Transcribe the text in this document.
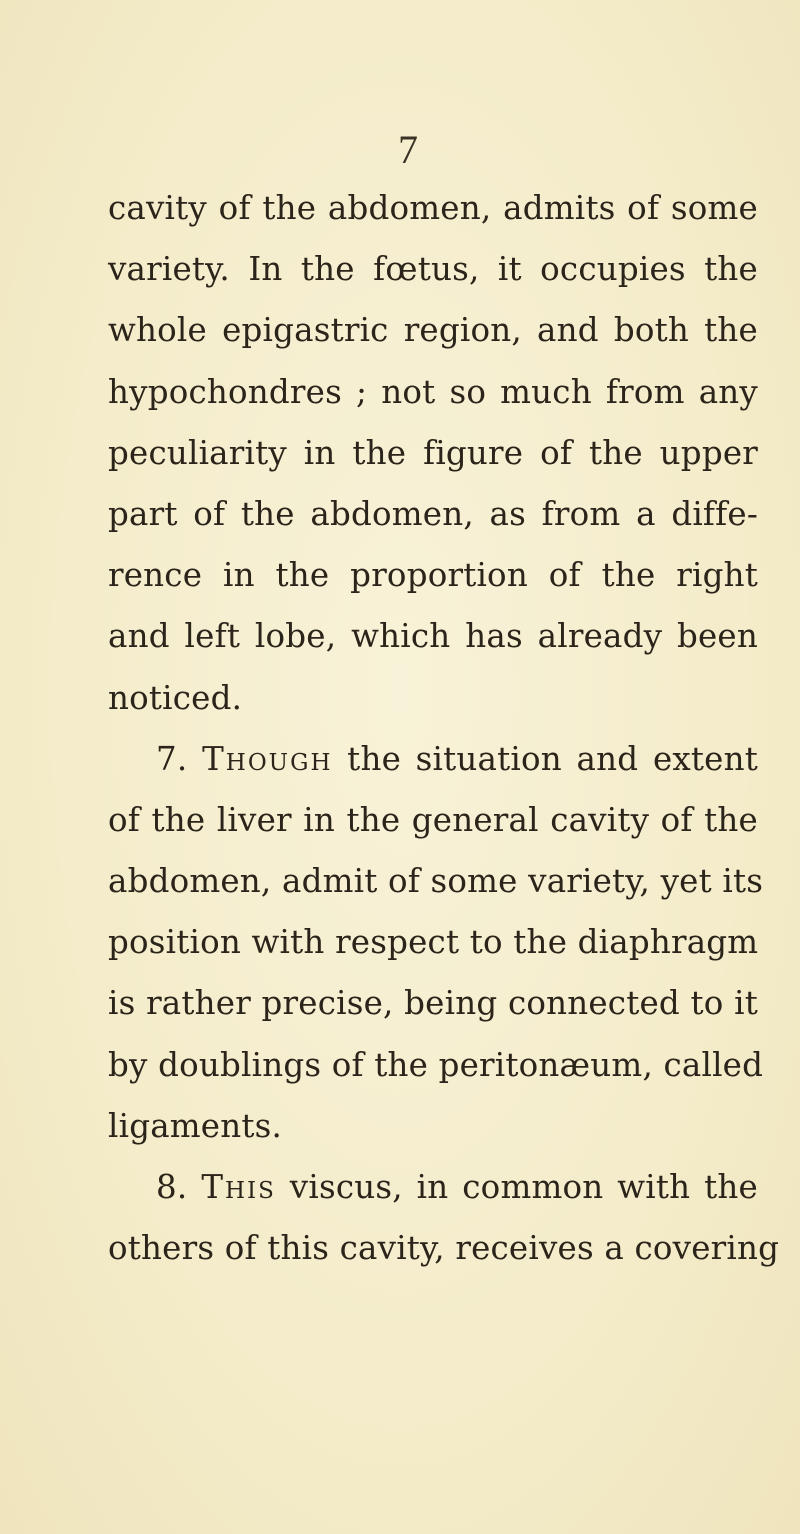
7
cavity of the abdomen, admits of some
variety. In the fœtus, it occupies the
whole epigastric region, and both the
hypochondres ; not so much from any
peculiarity in the figure of the upper
part of the abdomen, as from a diffe-
rence in the proportion of the right
and left lobe, which has already been
noticed.
7. Though the situation and extent
of the liver in the general cavity of the
abdomen, admit of some variety, yet its
position with respect to the diaphragm
is rather precise, being connected to it
by doublings of the peritonæum, called
ligaments.
8. This viscus, in common with the
others of this cavity, receives a covering
